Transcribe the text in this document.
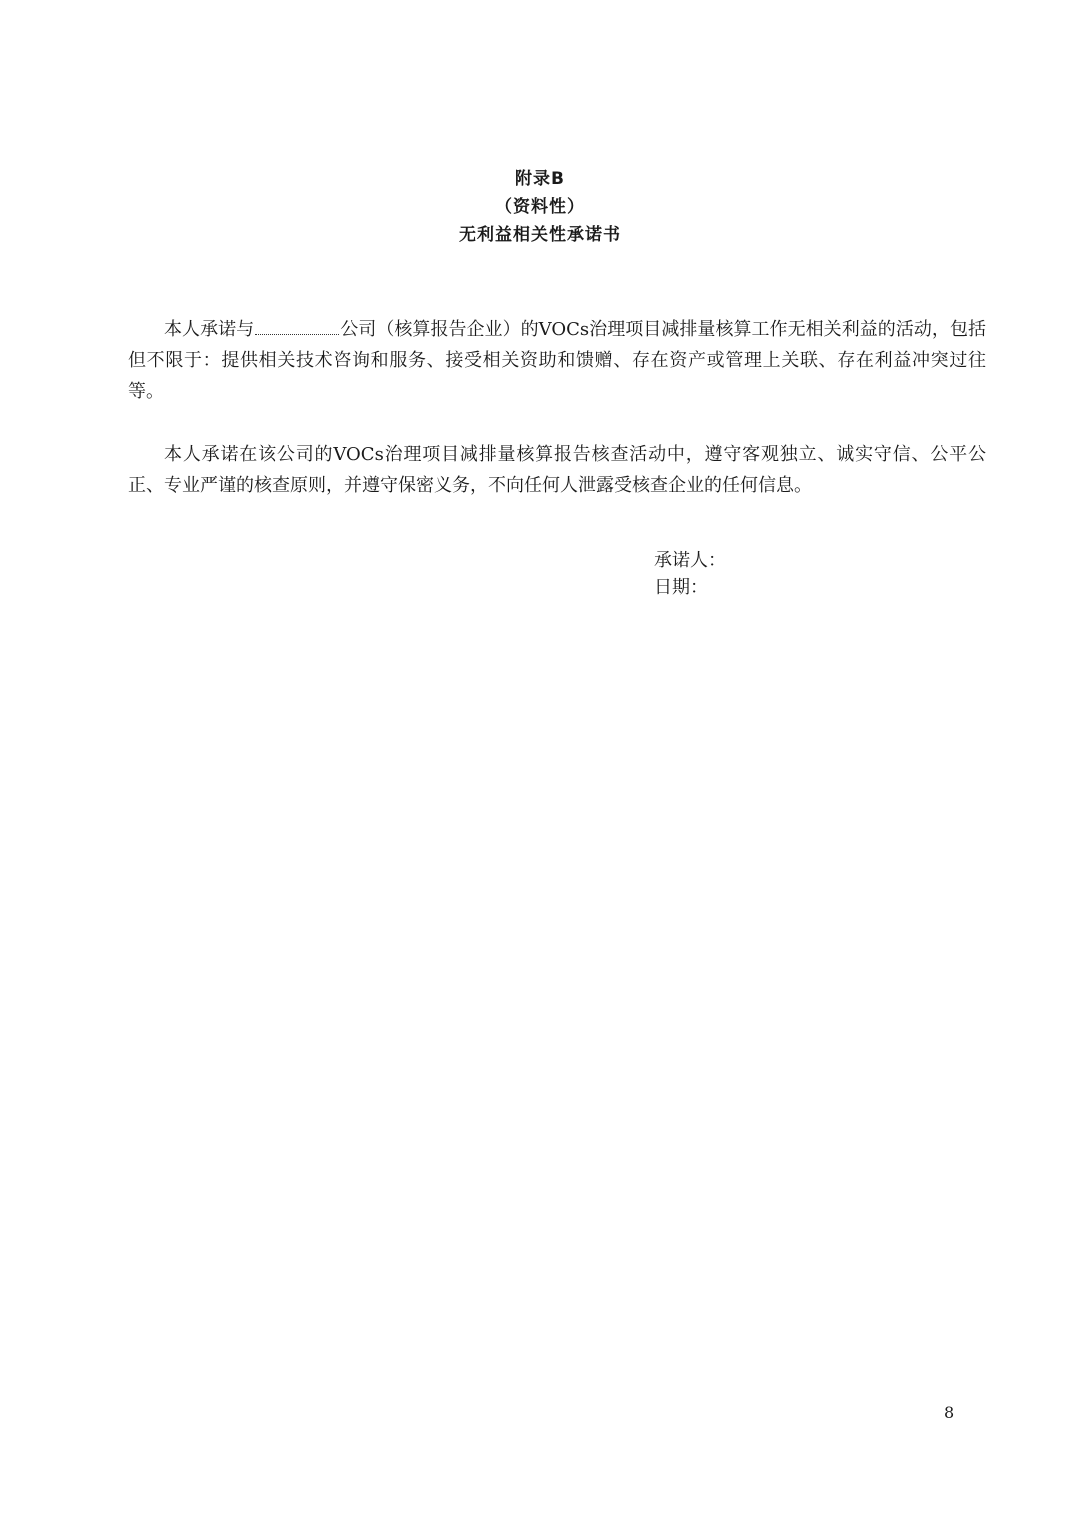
附录B
（资料性）
无利益相关性承诺书

本人承诺与	公司（核算报告企业）的VOCs治理项目减排量核算工作无相关利益的活动，包括但不限于：提供相关技术咨询和服务、接受相关资助和馈赠、存在资产或管理上关联、存在利益冲突过往等。

本人承诺在该公司的VOCs治理项目减排量核算报告核查活动中，遵守客观独立、诚实守信、公平公正、专业严谨的核查原则，并遵守保密义务，不向任何人泄露受核查企业的任何信息。

承诺人：
日期：
8
